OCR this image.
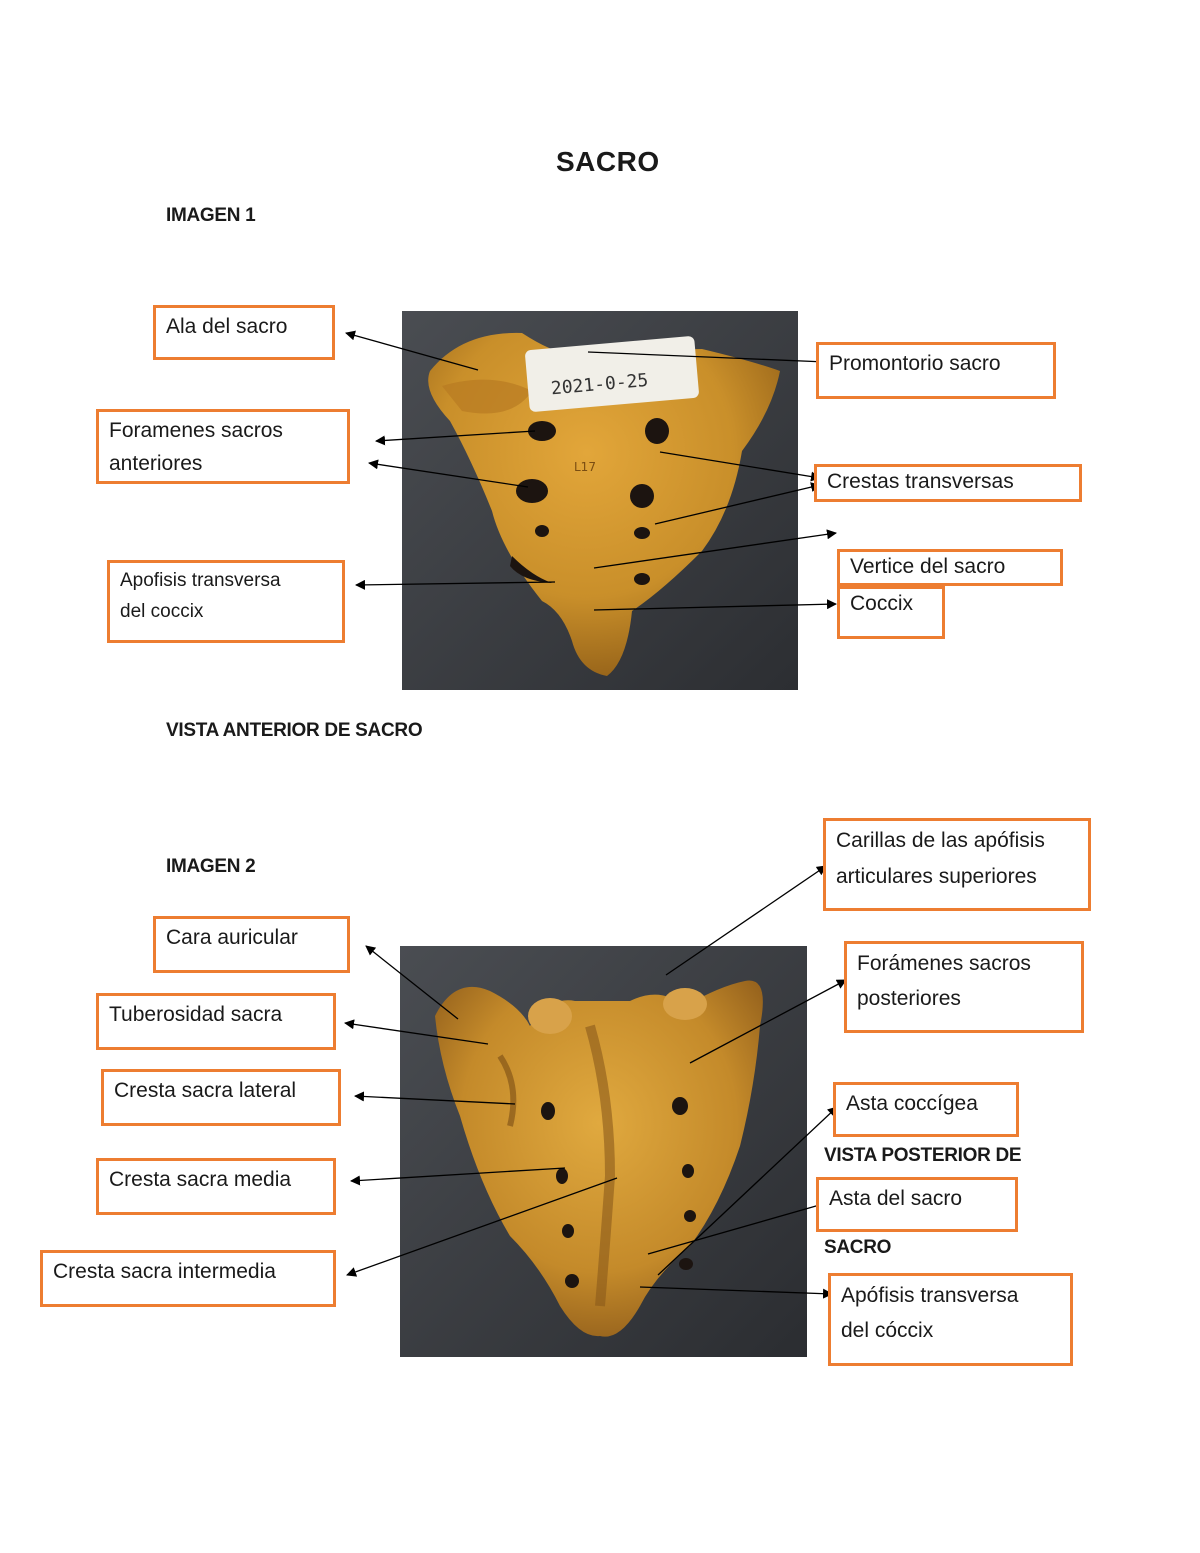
SACRO
IMAGEN 1
VISTA ANTERIOR DE SACRO
IMAGEN 2
VISTA POSTERIOR DE
SACRO
2021-0-25
L17
Ala del sacro
Foramenes sacros
anteriores
Apofisis transversa
del coccix
Promontorio sacro
Crestas transversas
Vertice del sacro
Coccix
Cara auricular
Tuberosidad sacra
Cresta sacra lateral
Cresta sacra media
Cresta sacra intermedia
Carillas de las apófisis
articulares superiores
Forámenes sacros
posteriores
Asta coccígea
Asta del sacro
Apófisis transversa
del cóccix
